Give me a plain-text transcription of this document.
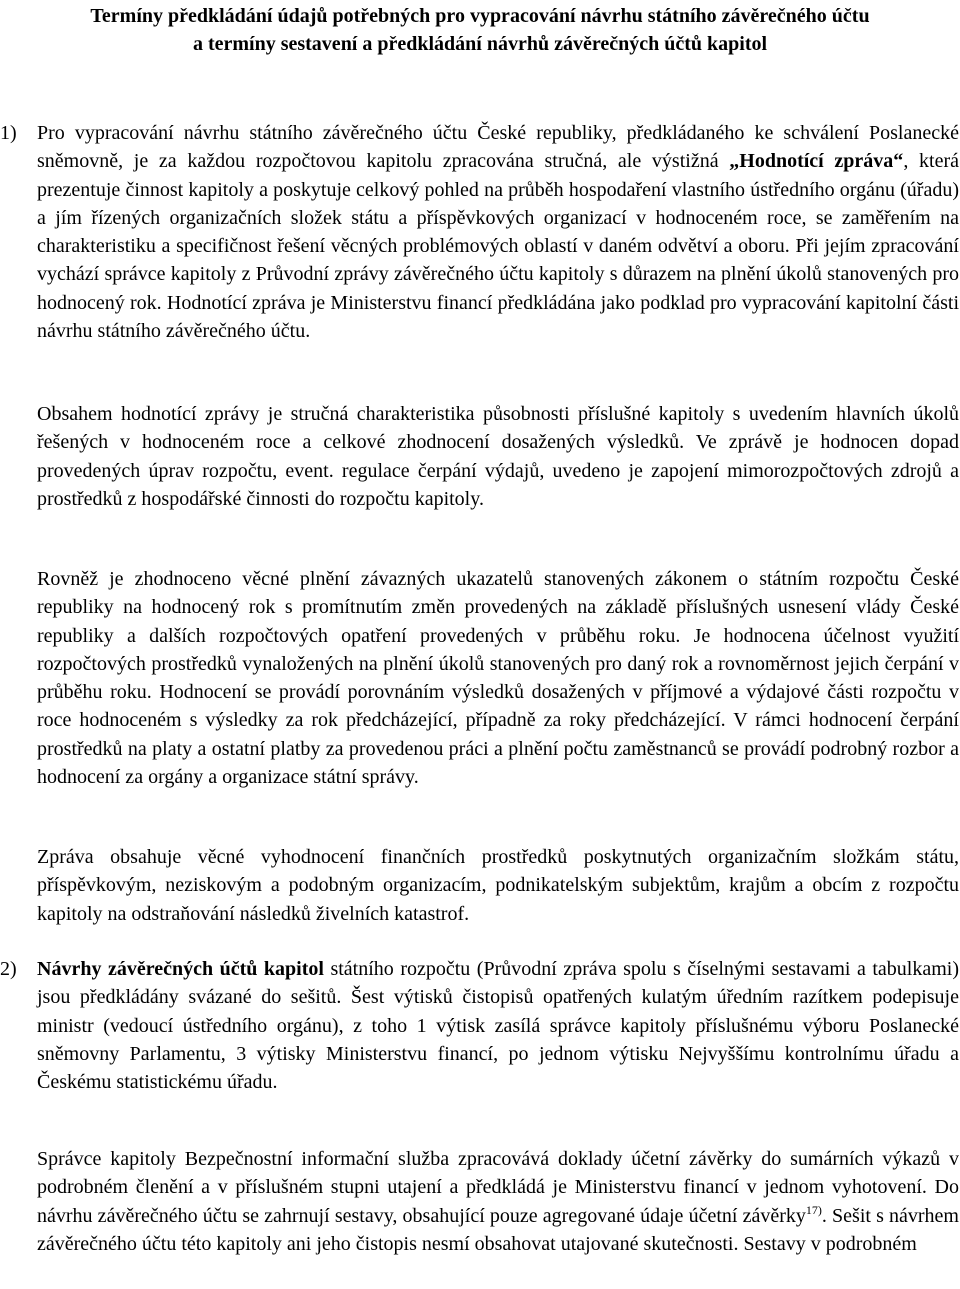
Termíny předkládání údajů potřebných pro vypracování návrhu státního závěrečného účtu
a termíny sestavení a předkládání návrhů závěrečných účtů kapitol
1) Pro vypracování návrhu státního závěrečného účtu České republiky, předkládaného ke schválení Poslanecké sněmovně, je za každou rozpočtovou kapitolu zpracována stručná, ale výstižná „Hodnotící zpráva“, která prezentuje činnost kapitoly a poskytuje celkový pohled na průběh hospodaření vlastního ústředního orgánu (úřadu) a jím řízených organizačních složek státu a příspěvkových organizací v hodnoceném roce, se zaměřením na charakteristiku a specifičnost řešení věcných problémových oblastí v daném odvětví a oboru. Při jejím zpracování vychází správce kapitoly z Průvodní zprávy závěrečného účtu kapitoly s důrazem na plnění úkolů stanovených pro hodnocený rok. Hodnotící zpráva je Ministerstvu financí předkládána jako podklad pro vypracování kapitolní části návrhu státního závěrečného účtu.
Obsahem hodnotící zprávy je stručná charakteristika působnosti příslušné kapitoly s uvedením hlavních úkolů řešených v hodnoceném roce a celkové zhodnocení dosažených výsledků. Ve zprávě je hodnocen dopad provedených úprav rozpočtu, event. regulace čerpání výdajů, uvedeno je zapojení mimorozpočtových zdrojů a prostředků z hospodářské činnosti do rozpočtu kapitoly.
Rovněž je zhodnoceno věcné plnění závazných ukazatelů stanovených zákonem o státním rozpočtu České republiky na hodnocený rok s promítnutím změn provedených na základě příslušných usnesení vlády České republiky a dalších rozpočtových opatření provedených v průběhu roku. Je hodnocena účelnost využití rozpočtových prostředků vynaložených na plnění úkolů stanovených pro daný rok a rovnoměrnost jejich čerpání v průběhu roku. Hodnocení se provádí porovnáním výsledků dosažených v příjmové a výdajové části rozpočtu v roce hodnoceném s výsledky za rok předcházející, případně za roky předcházející. V rámci hodnocení čerpání prostředků na platy a ostatní platby za provedenou práci a plnění počtu zaměstnanců se provádí podrobný rozbor a hodnocení za orgány a organizace státní správy.
Zpráva obsahuje věcné vyhodnocení finančních prostředků poskytnutých organizačním složkám státu, příspěvkovým, neziskovým a podobným organizacím, podnikatelským subjektům, krajům a obcím z rozpočtu kapitoly na odstraňování následků živelních katastrof.
2) Návrhy závěrečných účtů kapitol státního rozpočtu (Průvodní zpráva spolu s číselnými sestavami a tabulkami) jsou předkládány svázané do sešitů. Šest výtisků čistopisů opatřených kulatým úředním razítkem podepisuje ministr (vedoucí ústředního orgánu), z toho 1 výtisk zasílá správce kapitoly příslušnému výboru Poslanecké sněmovny Parlamentu, 3 výtisky Ministerstvu financí, po jednom výtisku Nejvyššímu kontrolnímu úřadu a Českému statistickému úřadu.
Správce kapitoly Bezpečnostní informační služba zpracovává doklady účetní závěrky do sumárních výkazů v podrobném členění a v příslušném stupni utajení a předkládá je Ministerstvu financí v jednom vyhotovení. Do návrhu závěrečného účtu se zahrnují sestavy, obsahující pouze agregované údaje účetní závěrky$^{17)}$. Sešit s návrhem závěrečného účtu této kapitoly ani jeho čistopis nesmí obsahovat utajované skutečnosti. Sestavy v podrobném
